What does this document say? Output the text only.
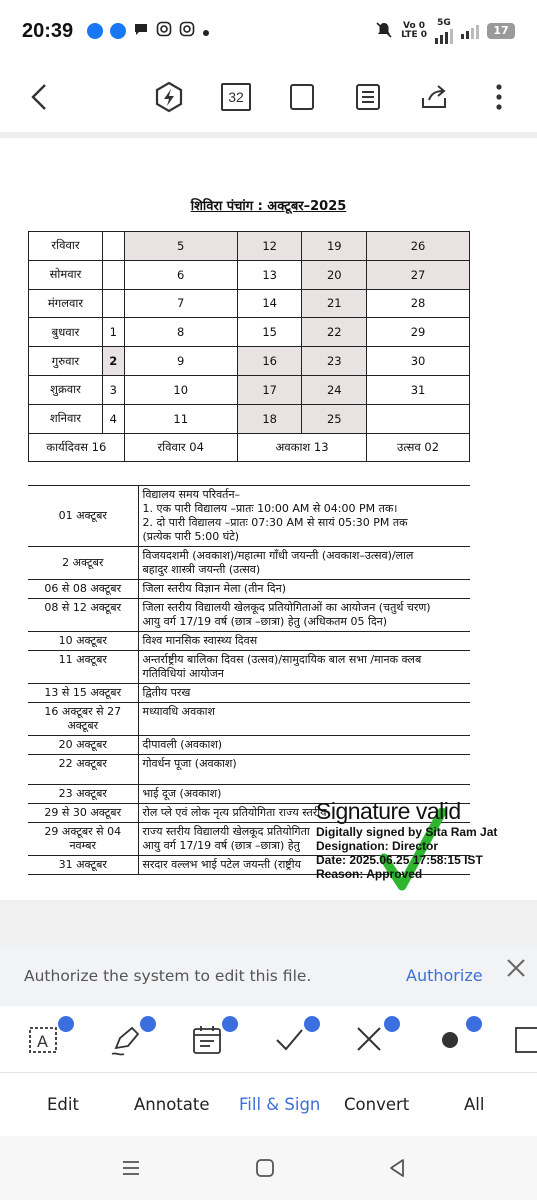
20:39	Vo 0
LTE 0
5G
17
32
शिविरा पंचांग : अक्टूबर–2025
रविवार		5	12	19	26
सोमवार		6	13	20	27
मंगलवार		7	14	21	28
बुधवार	1	8	15	22	29
गुरुवार	2	9	16	23	30
शुक्रवार	3	10	17	24	31
शनिवार	4	11	18	25	
कार्यदिवस 16		रविवार 04	अवकाश 13		उत्सव 02
01 अक्टूबर	विद्यालय समय परिवर्तन–
1. एक पारी विद्यालय –प्रातः 10:00 AM से 04:00 PM तक।
2. दो पारी विद्यालय –प्रातः 07:30 AM से सायं 05:30 PM तक
(प्रत्येक पारी 5:00 घंटे)

2 अक्टूबर	विजयदशमी (अवकाश)/महात्मा गाँधी जयन्ती (अवकाश–उत्सव)/लाल
बहादुर शास्त्री जयन्ती (उत्सव)

06 से 08 अक्टूबर	जिला स्तरीय विज्ञान मेला (तीन दिन)

08 से 12 अक्टूबर	जिला स्तरीय विद्यालयी खेलकूद प्रतियोगिताओं का आयोजन (चतुर्थ चरण)
आयु वर्ग 17/19 वर्ष (छात्र –छात्रा) हेतु (अधिकतम 05 दिन)

10 अक्टूबर	विश्व मानसिक स्वास्थ्य दिवस

11 अक्टूबर	अन्तर्राष्ट्रीय बालिका दिवस (उत्सव)/सामुदायिक बाल सभा /मानक क्लब
गतिविधियां आयोजन

13 से 15 अक्टूबर	द्वितीय परख

16 अक्टूबर से 27 अक्टूबर	मध्यावधि अवकाश

20 अक्टूबर	दीपावली (अवकाश)

22 अक्टूबर	गोवर्धन पूजा (अवकाश)

23 अक्टूबर	भाई दूज (अवकाश)

29 से 30 अक्टूबर	रोल प्ले एवं लोक नृत्य प्रतियोगिता राज्य स्तरीय

29 अक्टूबर से 04 नवम्बर	राज्य स्तरीय विद्यालयी खेलकूद प्रतियोगिता
आयु वर्ग 17/19 वर्ष (छात्र –छात्रा) हेतु

31 अक्टूबर	सरदार वल्लभ भाई पटेल जयन्ती (राष्ट्रीय
Signature valid
Digitally signed by Sita Ram Jat
Designation: Director
Date: 2025.06.25 17:58:15 IST
Reason: Approved
Authorize the system to edit this file.	Authorize
A
Edit	Annotate Fill & Sign Convert	All
